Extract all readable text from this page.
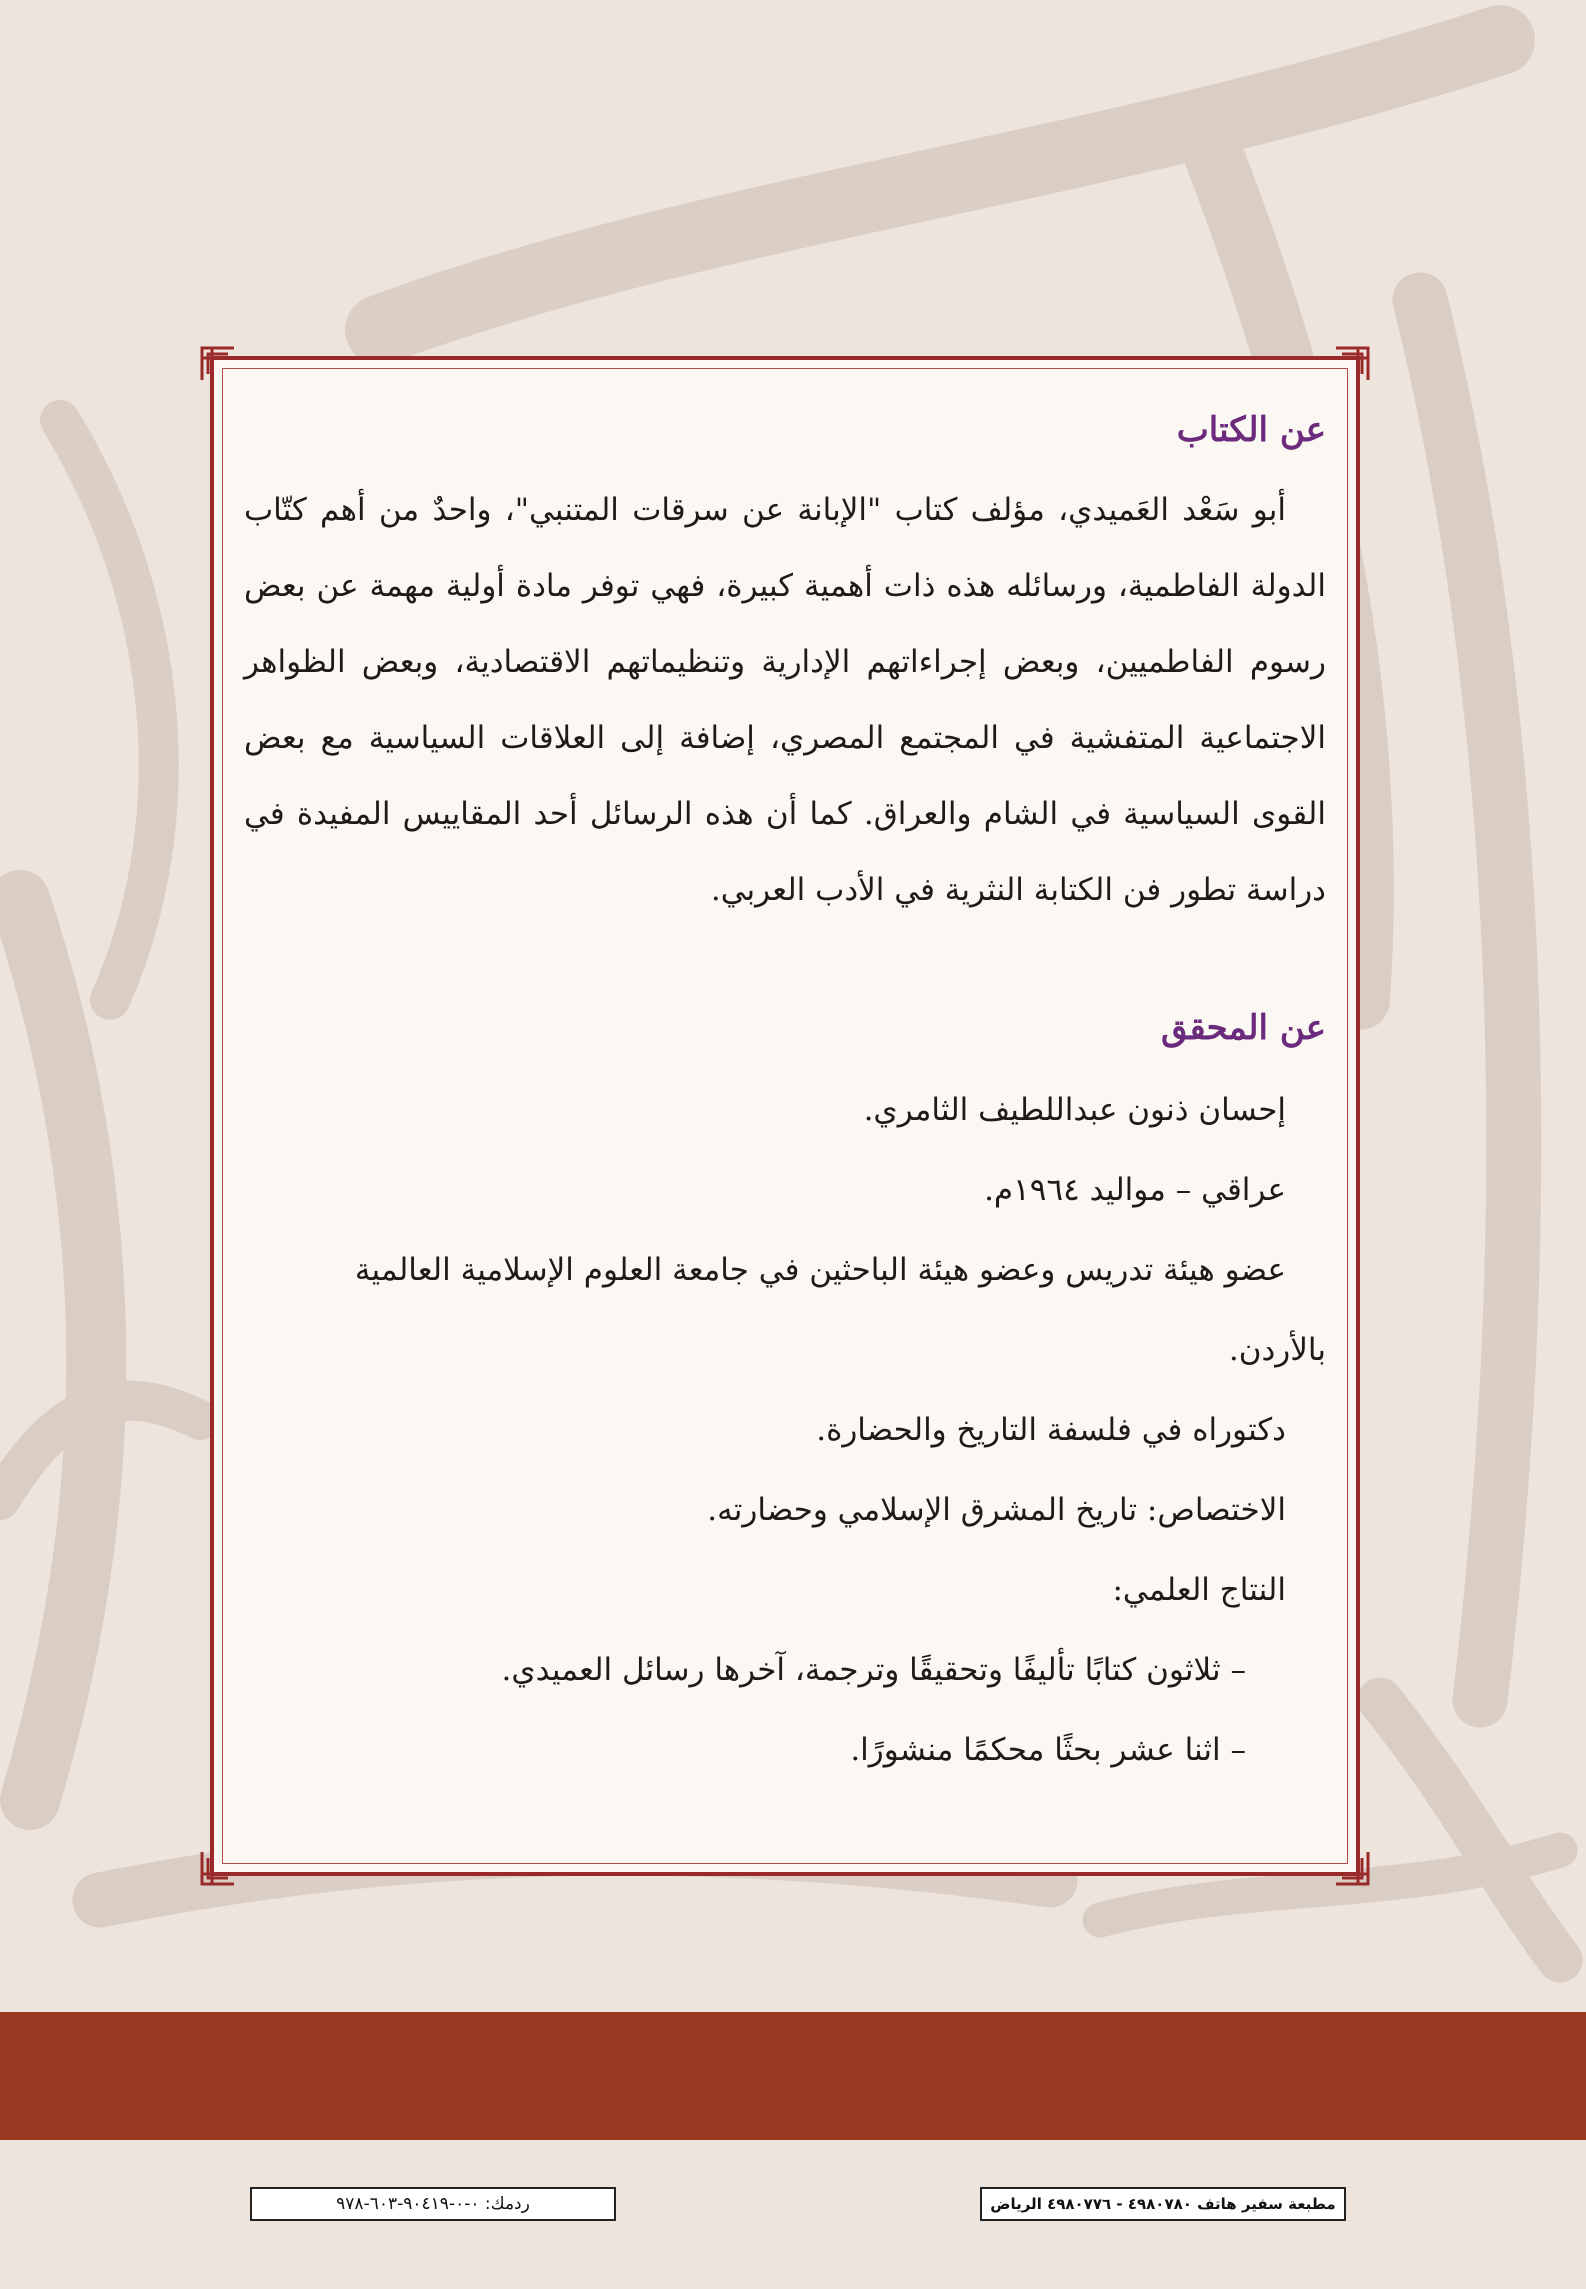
عن الكتاب

أبو سَعْد العَميدي، مؤلف كتاب "الإبانة عن سرقات المتنبي"، واحدٌ من أهم كتّاب الدولة الفاطمية، ورسائله هذه ذات أهمية كبيرة، فهي توفر مادة أولية مهمة عن بعض رسوم الفاطميين، وبعض إجراءاتهم الإدارية وتنظيماتهم الاقتصادية، وبعض الظواهر الاجتماعية المتفشية في المجتمع المصري، إضافة إلى العلاقات السياسية مع بعض القوى السياسية في الشام والعراق. كما أن هذه الرسائل أحد المقاييس المفيدة في دراسة تطور فن الكتابة النثرية في الأدب العربي.

عن المحقق

إحسان ذنون عبداللطيف الثامري.

عراقي – مواليد ١٩٦٤م.

عضو هيئة تدريس وعضو هيئة الباحثين في جامعة العلوم الإسلامية العالمية

بالأردن.

دكتوراه في فلسفة التاريخ والحضارة.

الاختصاص: تاريخ المشرق الإسلامي وحضارته.

النتاج العلمي:

– ثلاثون كتابًا تأليفًا وتحقيقًا وترجمة، آخرها رسائل العميدي.

– اثنا عشر بحثًا محكمًا منشورًا.

ردمك: ٠-٠-٩٠٤١٩-٦٠٣-٩٧٨	مطبعة سفير هاتف ٤٩٨٠٧٨٠ - ٤٩٨٠٧٧٦ الرياض
